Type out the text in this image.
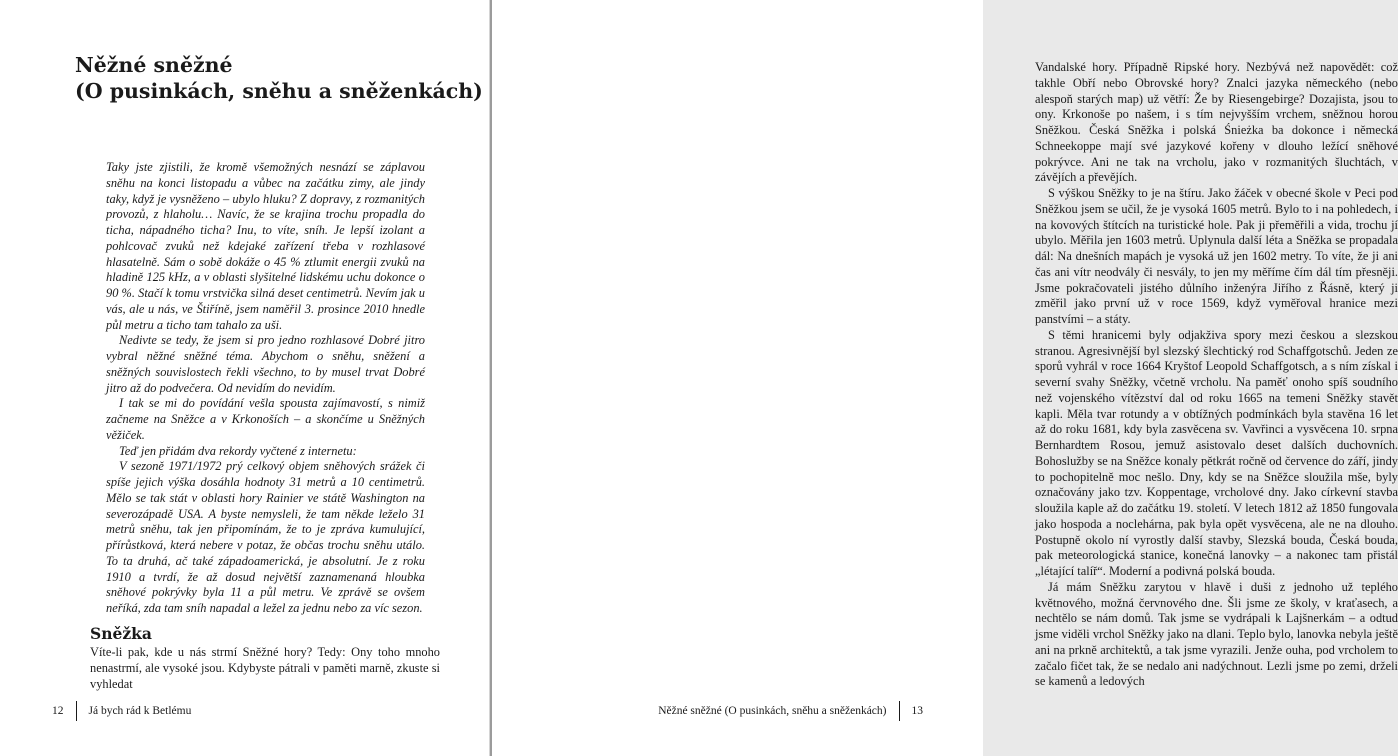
Něžné sněžné
(O pusinkách, sněhu a sněženkách)

Taky jste zjistili, že kromě všemožných nesnází se záplavou sněhu na konci listopadu a vůbec na začátku zimy, ale jindy taky, když je vysněženo – ubylo hluku? Z dopravy, z rozmanitých provozů, z hlaholu… Navíc, že se krajina trochu propadla do ticha, nápadného ticha? Inu, to víte, sníh. Je lepší izolant a pohlcovač zvuků než kdejaké zařízení třeba v rozhlasové hlasatelně. Sám o sobě dokáže o 45 % ztlumit energii zvuků na hladině 125 kHz, a v oblasti slyšitelné lidskému uchu dokonce o 90 %. Stačí k tomu vrstvička silná deset centimetrů. Nevím jak u vás, ale u nás, ve Štiříně, jsem naměřil 3. prosince 2010 hnedle půl metru a ticho tam tahalo za uši.

Nedivte se tedy, že jsem si pro jedno rozhlasové Dobré jitro vybral něžné sněžné téma. Abychom o sněhu, sněžení a sněžných souvislostech řekli všechno, to by musel trvat Dobré jitro až do podvečera. Od nevidím do nevidím.

I tak se mi do povídání vešla spousta zajímavostí, s nimiž začneme na Sněžce a v Krkonoších – a skončíme u Sněžných věžiček.

Teď jen přidám dva rekordy vyčtené z internetu:

V sezoně 1971/1972 prý celkový objem sněhových srážek či spíše jejich výška dosáhla hodnoty 31 metrů a 10 centimetrů. Mělo se tak stát v oblasti hory Rainier ve státě Washington na severozápadě USA. A byste nemysleli, že tam někde leželo 31 metrů sněhu, tak jen připomínám, že to je zpráva kumulující, přírůstková, která nebere v potaz, že občas trochu sněhu utálo. To ta druhá, ač také západoamerická, je absolutní. Je z roku 1910 a tvrdí, že až dosud největší zaznamenaná hloubka sněhové pokrývky byla 11 a půl metru. Ve zprávě se ovšem neříká, zda tam sníh napadal a ležel za jednu nebo za víc sezon.

Sněžka

Víte-li pak, kde u nás strmí Sněžné hory? Tedy: Ony toho mnoho nenastrmí, ale vysoké jsou. Kdybyste pátrali v paměti marně, zkuste si vyhledat

12 Já bych rád k Betlému

Vandalské hory. Případně Ripské hory. Nezbývá než napovědět: což takhle Obří nebo Obrovské hory? Znalci jazyka německého (nebo alespoň starých map) už větří: Že by Riesengebirge? Dozajista, jsou to ony. Krkonoše po našem, i s tím nejvyšším vrchem, sněžnou horou Sněžkou. Česká Sněžka i polská Śnieżka ba dokonce i německá Schneekoppe mají své jazykové kořeny v dlouho ležící sněhové pokrývce. Ani ne tak na vrcholu, jako v rozmanitých šluchtách, v závějích a převějích.

S výškou Sněžky to je na štíru. Jako žáček v obecné škole v Peci pod Sněžkou jsem se učil, že je vysoká 1605 metrů. Bylo to i na pohledech, i na kovových štítcích na turistické hole. Pak ji přeměřili a vida, trochu jí ubylo. Měřila jen 1603 metrů. Uplynula další léta a Sněžka se propadala dál: Na dnešních mapách je vysoká už jen 1602 metry. To víte, že ji ani čas ani vítr neodvály či nesvály, to jen my měříme čím dál tím přesněji. Jsme pokračovateli jistého důlního inženýra Jiřího z Řásně, který ji změřil jako první už v roce 1569, když vyměřoval hranice mezi panstvími – a státy.

S těmi hranicemi byly odjakživa spory mezi českou a slezskou stranou. Agresivnější byl slezský šlechtický rod Schaffgotschů. Jeden ze sporů vyhrál v roce 1664 Kryštof Leopold Schaffgotsch, a s ním získal i severní svahy Sněžky, včetně vrcholu. Na paměť onoho spíš soudního než vojenského vítězství dal od roku 1665 na temeni Sněžky stavět kapli. Měla tvar rotundy a v obtížných podmínkách byla stavěna 16 let až do roku 1681, kdy byla zasvěcena sv. Vavřinci a vysvěcena 10. srpna Bernhardtem Rosou, jemuž asistovalo deset dalších duchovních. Bohoslužby se na Sněžce konaly pětkrát ročně od července do září, jindy to pochopitelně moc nešlo. Dny, kdy se na Sněžce sloužila mše, byly označovány jako tzv. Koppentage, vrcholové dny. Jako církevní stavba sloužila kaple až do začátku 19. století. V letech 1812 až 1850 fungovala jako hospoda a noclehárna, pak byla opět vysvěcena, ale ne na dlouho. Postupně okolo ní vyrostly další stavby, Slezská bouda, Česká bouda, pak meteorologická stanice, konečná lanovky – a nakonec tam přistál „létající talíř“. Moderní a podivná polská bouda.

Já mám Sněžku zarytou v hlavě i duši z jednoho už teplého květnového, možná červnového dne. Šli jsme ze školy, v kraťasech, a nechtělo se nám domů. Tak jsme se vydrápali k Lajšnerkám – a odtud jsme viděli vrchol Sněžky jako na dlani. Teplo bylo, lanovka nebyla ještě ani na prkně architektů, a tak jsme vyrazili. Jenže ouha, pod vrcholem to začalo fičet tak, že se nedalo ani nadýchnout. Lezli jsme po zemi, drželi se kamenů a ledových

Něžné sněžné (O pusinkách, sněhu a sněženkách) 13
